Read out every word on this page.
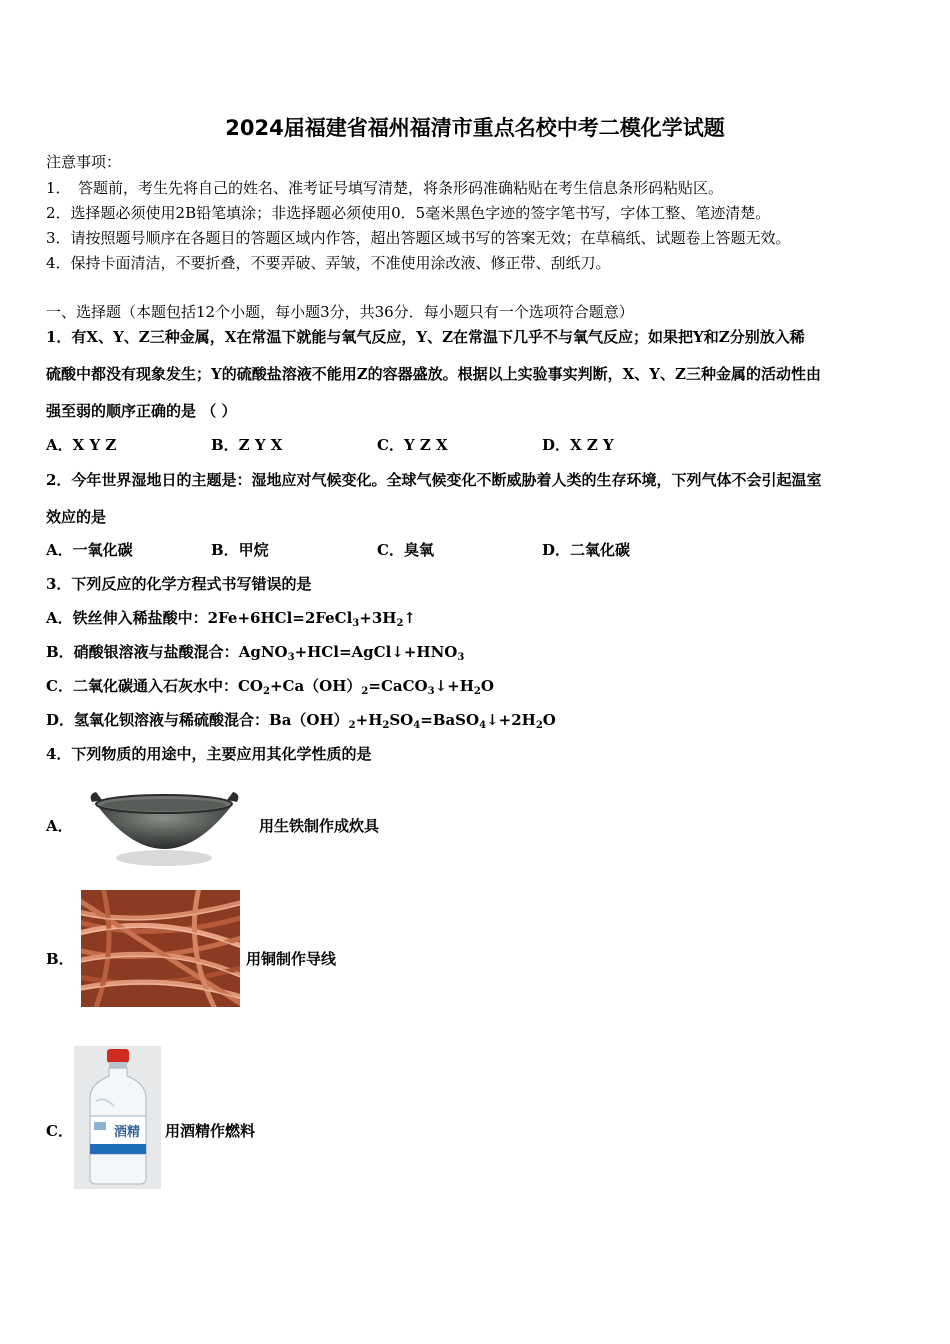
2024届福建省福州福清市重点名校中考二模化学试题
注意事项：
1．　答题前，考生先将自己的姓名、准考证号填写清楚，将条形码准确粘贴在考生信息条形码粘贴区。
2．选择题必须使用2B铅笔填涂；非选择题必须使用0．5毫米黑色字迹的签字笔书写，字体工整、笔迹清楚。
3．请按照题号顺序在各题目的答题区域内作答，超出答题区域书写的答案无效；在草稿纸、试题卷上答题无效。
4．保持卡面清洁，不要折叠，不要弄破、弄皱，不准使用涂改液、修正带、刮纸刀。
一、选择题（本题包括12个小题，每小题3分，共36分．每小题只有一个选项符合题意）
1．有X、Y、Z三种金属，X在常温下就能与氧气反应，Y、Z在常温下几乎不与氧气反应；如果把Y和Z分别放入稀
硫酸中都没有现象发生；Y的硫酸盐溶液不能用Z的容器盛放。根据以上实验事实判断，X、Y、Z三种金属的活动性由
强至弱的顺序正确的是 （ ）
A．X Y Z	B．Z Y X	C．Y Z X	D．X Z Y
2．今年世界湿地日的主题是：湿地应对气候变化。全球气候变化不断威胁着人类的生存环境，下列气体不会引起温室
效应的是
A．一氧化碳	B．甲烷	C．臭氧	D．二氧化碳
3．下列反应的化学方程式书写错误的是
A．铁丝伸入稀盐酸中：$2Fe+6HCl=2FeCl_3+3H_2↑$
B．硝酸银溶液与盐酸混合：$AgNO_3+HCl=AgCl↓+HNO_3$
C．二氧化碳通入石灰水中：$CO_2+Ca(OH)_2=CaCO_3↓+H_2O$
D．氢氧化钡溶液与稀硫酸混合：$Ba(OH)_2+H_2SO_4=BaSO_4↓+2H_2O$
4．下列物质的用途中，主要应用其化学性质的是
A．	用生铁制作成炊具
B．	用铜制作导线
C．	酒精 用酒精作燃料
